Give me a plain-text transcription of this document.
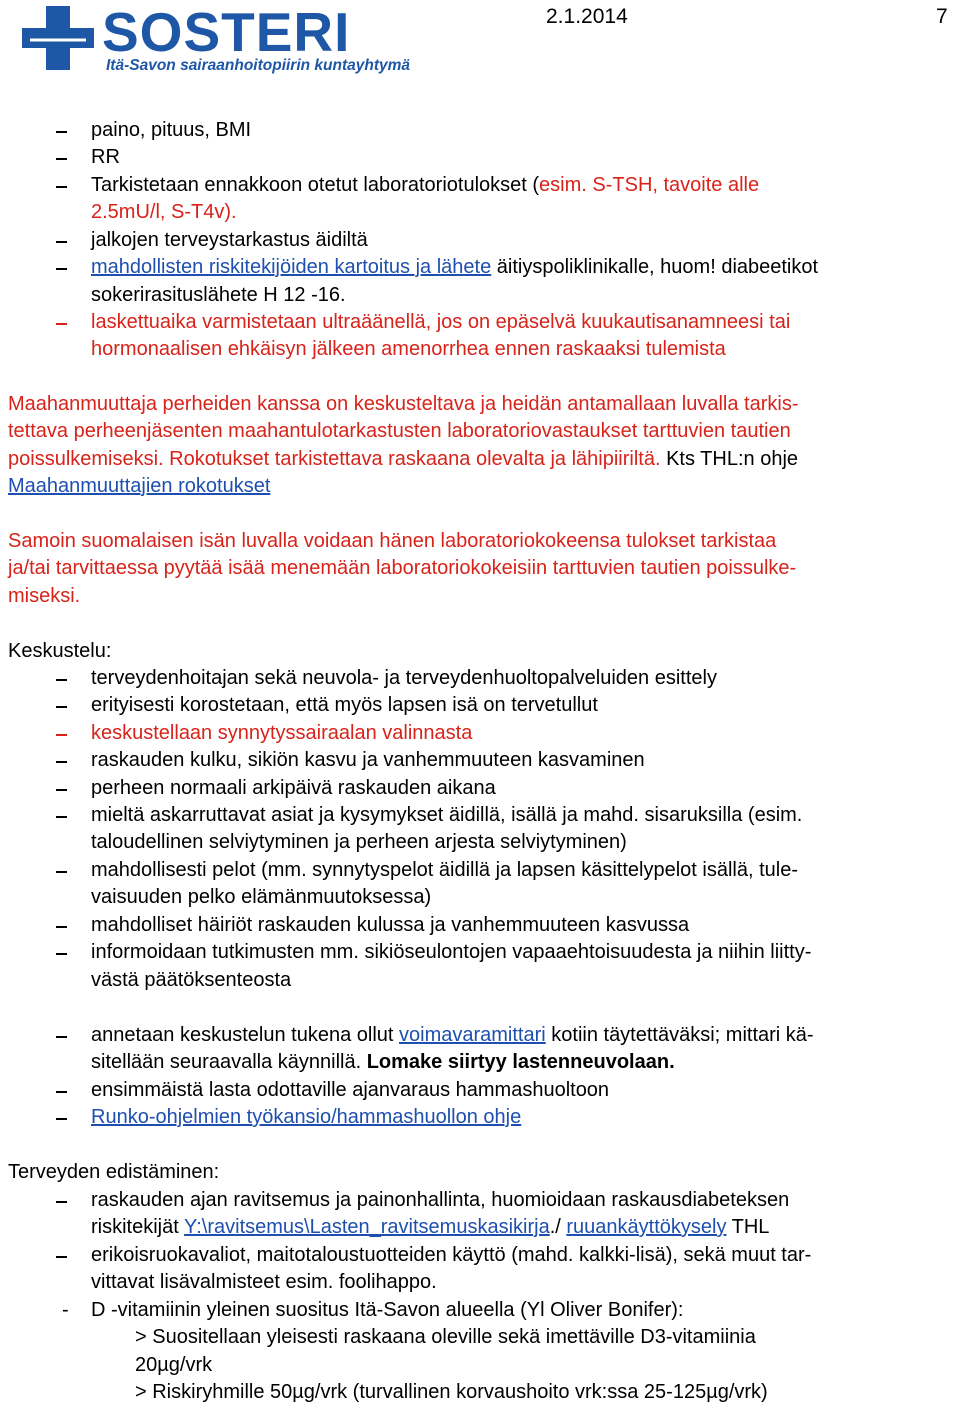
SOSTERI
Itä-Savon sairaanhoitopiirin kuntayhtymä
2.1.2014	7
paino, pituus, BMI
RR
Tarkistetaan ennakkoon otetut laboratoriotulokset (esim. S-TSH, tavoite alle
2.5mU/l, S-T4v).
jalkojen terveystarkastus äidiltä
mahdollisten riskitekijöiden kartoitus ja lähete äitiyspoliklinikalle, huom! diabeetikot
sokerirasituslähete H 12 -16.
laskettuaika varmistetaan ultraäänellä, jos on epäselvä kuukautisanamneesi tai
hormonaalisen ehkäisyn jälkeen amenorrhea ennen raskaaksi tulemista
Maahanmuuttaja perheiden kanssa on keskusteltava ja heidän antamallaan luvalla tarkis-
tettava perheenjäsenten maahantulotarkastusten laboratoriovastaukset tarttuvien tautien
poissulkemiseksi. Rokotukset tarkistettava raskaana olevalta ja lähipiiriltä. Kts THL:n ohje
Maahanmuuttajien rokotukset
Samoin suomalaisen isän luvalla voidaan hänen laboratoriokokeensa tulokset tarkistaa
ja/tai tarvittaessa pyytää isää menemään laboratoriokokeisiin tarttuvien tautien poissulke-
miseksi.
Keskustelu:
terveydenhoitajan sekä neuvola- ja terveydenhuoltopalveluiden esittely
erityisesti korostetaan, että myös lapsen isä on tervetullut
keskustellaan synnytyssairaalan valinnasta
raskauden kulku, sikiön kasvu ja vanhemmuuteen kasvaminen
perheen normaali arkipäivä raskauden aikana
mieltä askarruttavat asiat ja kysymykset äidillä, isällä ja mahd. sisaruksilla (esim.
taloudellinen selviytyminen ja perheen arjesta selviytyminen)
mahdollisesti pelot (mm. synnytyspelot äidillä ja lapsen käsittelypelot isällä, tule-
vaisuuden pelko elämänmuutoksessa)
mahdolliset häiriöt raskauden kulussa ja vanhemmuuteen kasvussa
informoidaan tutkimusten mm. sikiöseulontojen vapaaehtoisuudesta ja niihin liitty-
västä päätöksenteosta
annetaan keskustelun tukena ollut voimavaramittari kotiin täytettäväksi; mittari kä-
sitellään seuraavalla käynnillä. Lomake siirtyy lastenneuvolaan.
ensimmäistä lasta odottaville ajanvaraus hammashuoltoon
Runko-ohjelmien työkansio/hammashuollon ohje
Terveyden edistäminen:
raskauden ajan ravitsemus ja painonhallinta, huomioidaan raskausdiabeteksen
riskitekijät Y:\ravitsemus\Lasten_ravitsemuskasikirja./ ruuankäyttökysely THL
erikoisruokavaliot, maitotaloustuotteiden käyttö (mahd. kalkki-lisä), sekä muut tar-
vittavat lisävalmisteet esim. foolihappo.
- D -vitamiinin yleinen suositus Itä-Savon alueella (Yl Oliver Bonifer):
> Suositellaan yleisesti raskaana oleville sekä imettäville D3-vitamiinia
20µg/vrk
> Riskiryhmille 50µg/vrk (turvallinen korvaushoito vrk:ssa 25-125µg/vrk)
